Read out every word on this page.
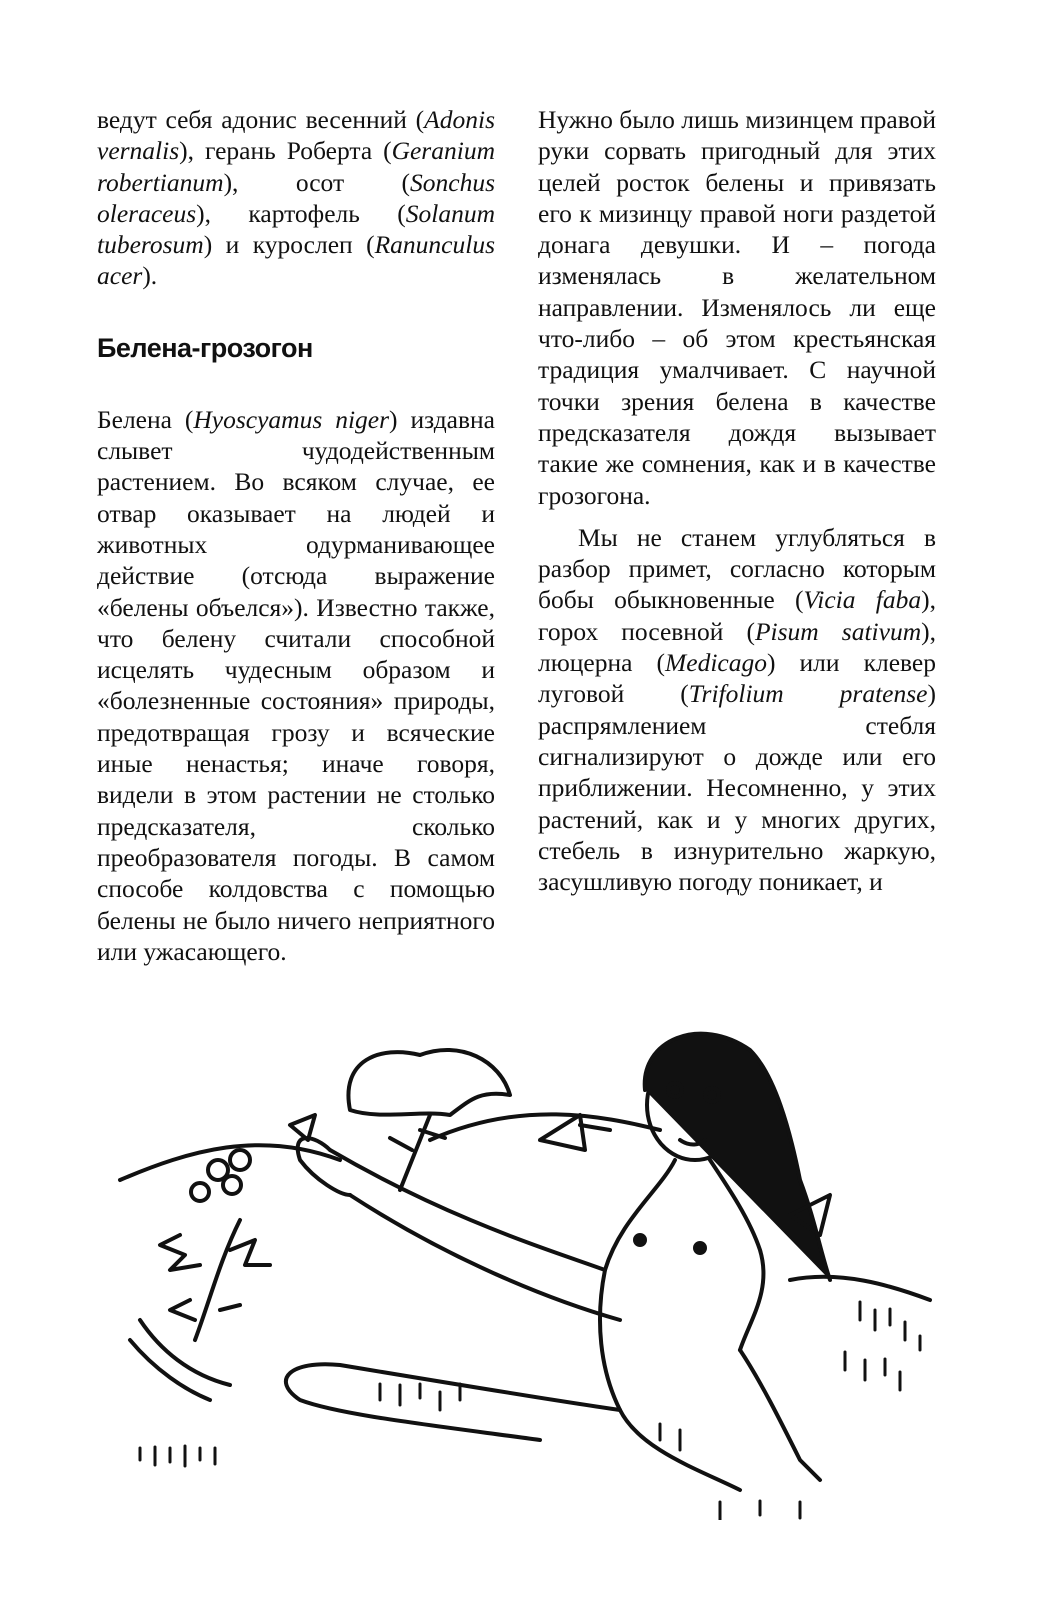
ведут себя адонис весенний (Adonis vernalis), герань Роберта (Geranium robertianum), осот (Sonchus oleraceus), картофель (Solanum tuberosum) и курослеп (Ranunculus acer).

Белена-грозогон

Белена (Hyoscyamus niger) издавна слывет чудодейственным растением. Во всяком случае, ее отвар оказывает на людей и животных одурманивающее действие (отсюда выражение «белены объелся»). Известно также, что белену считали способной исцелять чудесным образом и «болезненные состояния» природы, предотвращая грозу и всяческие иные ненастья; иначе говоря, видели в этом растении не столько предсказателя, сколько преобразователя погоды. В самом способе колдовства с помощью белены не было ничего неприятного или ужасающего.

Нужно было лишь мизинцем правой руки сорвать пригодный для этих целей росток белены и привязать его к мизинцу правой ноги раздетой донага девушки. И – погода изменялась в желательном направлении. Изменялось ли еще что-либо – об этом крестьянская традиция умалчивает. С научной точки зрения белена в качестве предсказателя дождя вызывает такие же сомнения, как и в качестве грозогона.

Мы не станем углубляться в разбор примет, согласно которым бобы обыкновенные (Vicia faba), горох посевной (Pisum sativum), люцерна (Medicago) или клевер луговой (Trifolium pratense) распрямлением стебля сигнализируют о дожде или его приближении. Несомненно, у этих растений, как и у многих других, стебель в изнурительно жаркую, засушливую погоду поникает, и
